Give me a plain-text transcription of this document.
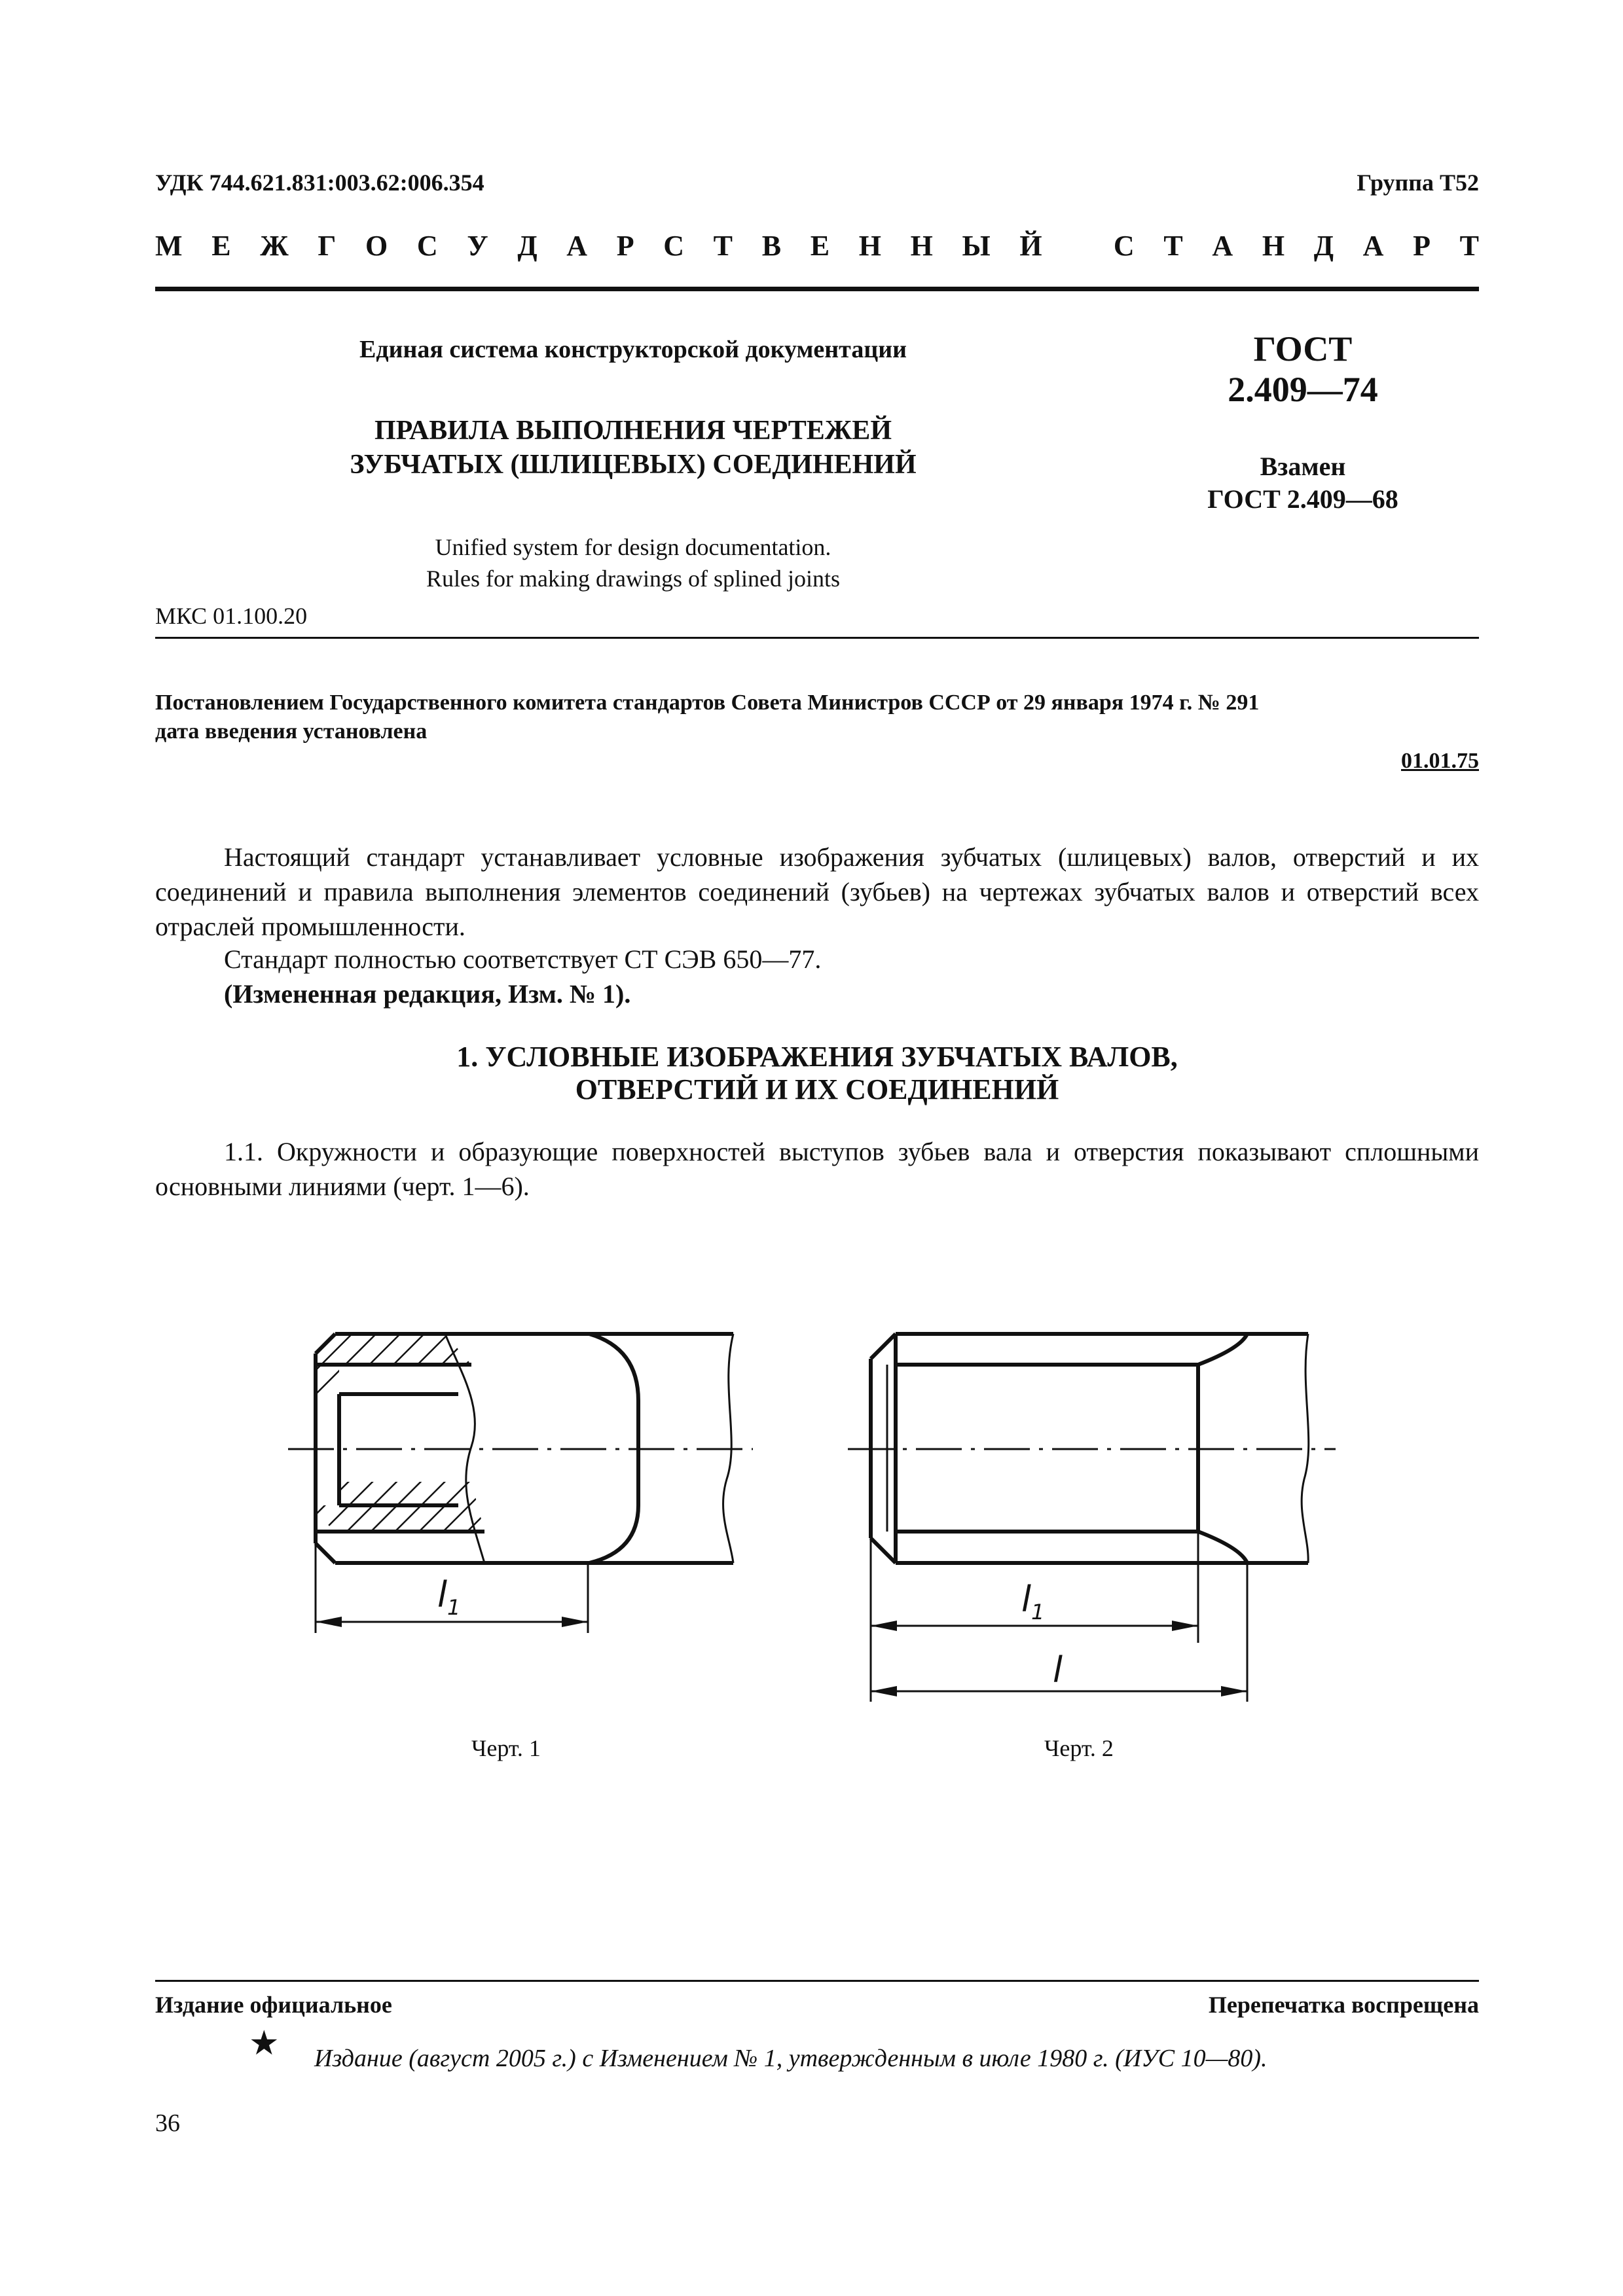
УДК 744.621.831:003.62:006.354	Группа Т52
М Е Ж Г О С У Д А Р С Т В Е Н Н Ы Й С Т А Н Д А Р Т
Единая система конструкторской документации
ПРАВИЛА ВЫПОЛНЕНИЯ ЧЕРТЕЖЕЙ
ЗУБЧАТЫХ (ШЛИЦЕВЫХ) СОЕДИНЕНИЙ
ГОСТ
2.409—74
Взамен
ГОСТ 2.409—68
Unified system for design documentation.
Rules for making drawings of splined joints
МКС 01.100.20
Постановлением Государственного комитета стандартов Совета Министров СССР от 29 января 1974 г. № 291
дата введения установлена
01.01.75
Настоящий стандарт устанавливает условные изображения зубчатых (шлицевых) валов, отверстий и их соединений и правила выполнения элементов соединений (зубьев) на чертежах зубчатых валов и отверстий всех отраслей промышленности.
Стандарт полностью соответствует СТ СЭВ 650—77.
(Измененная редакция, Изм. № 1).
1. УСЛОВНЫЕ ИЗОБРАЖЕНИЯ ЗУБЧАТЫХ ВАЛОВ,
ОТВЕРСТИЙ И ИХ СОЕДИНЕНИЙ
1.1. Окружности и образующие поверхностей выступов зубьев вала и отверстия показывают сплошными основными линиями (черт. 1—6).
$l_1$	$l_1$
l
Черт. 1	Черт. 2
Издание официальное	Перепечатка воспрещена
★ Издание (август 2005 г.) с Изменением № 1, утвержденным в июле 1980 г. (ИУС 10—80).
36
